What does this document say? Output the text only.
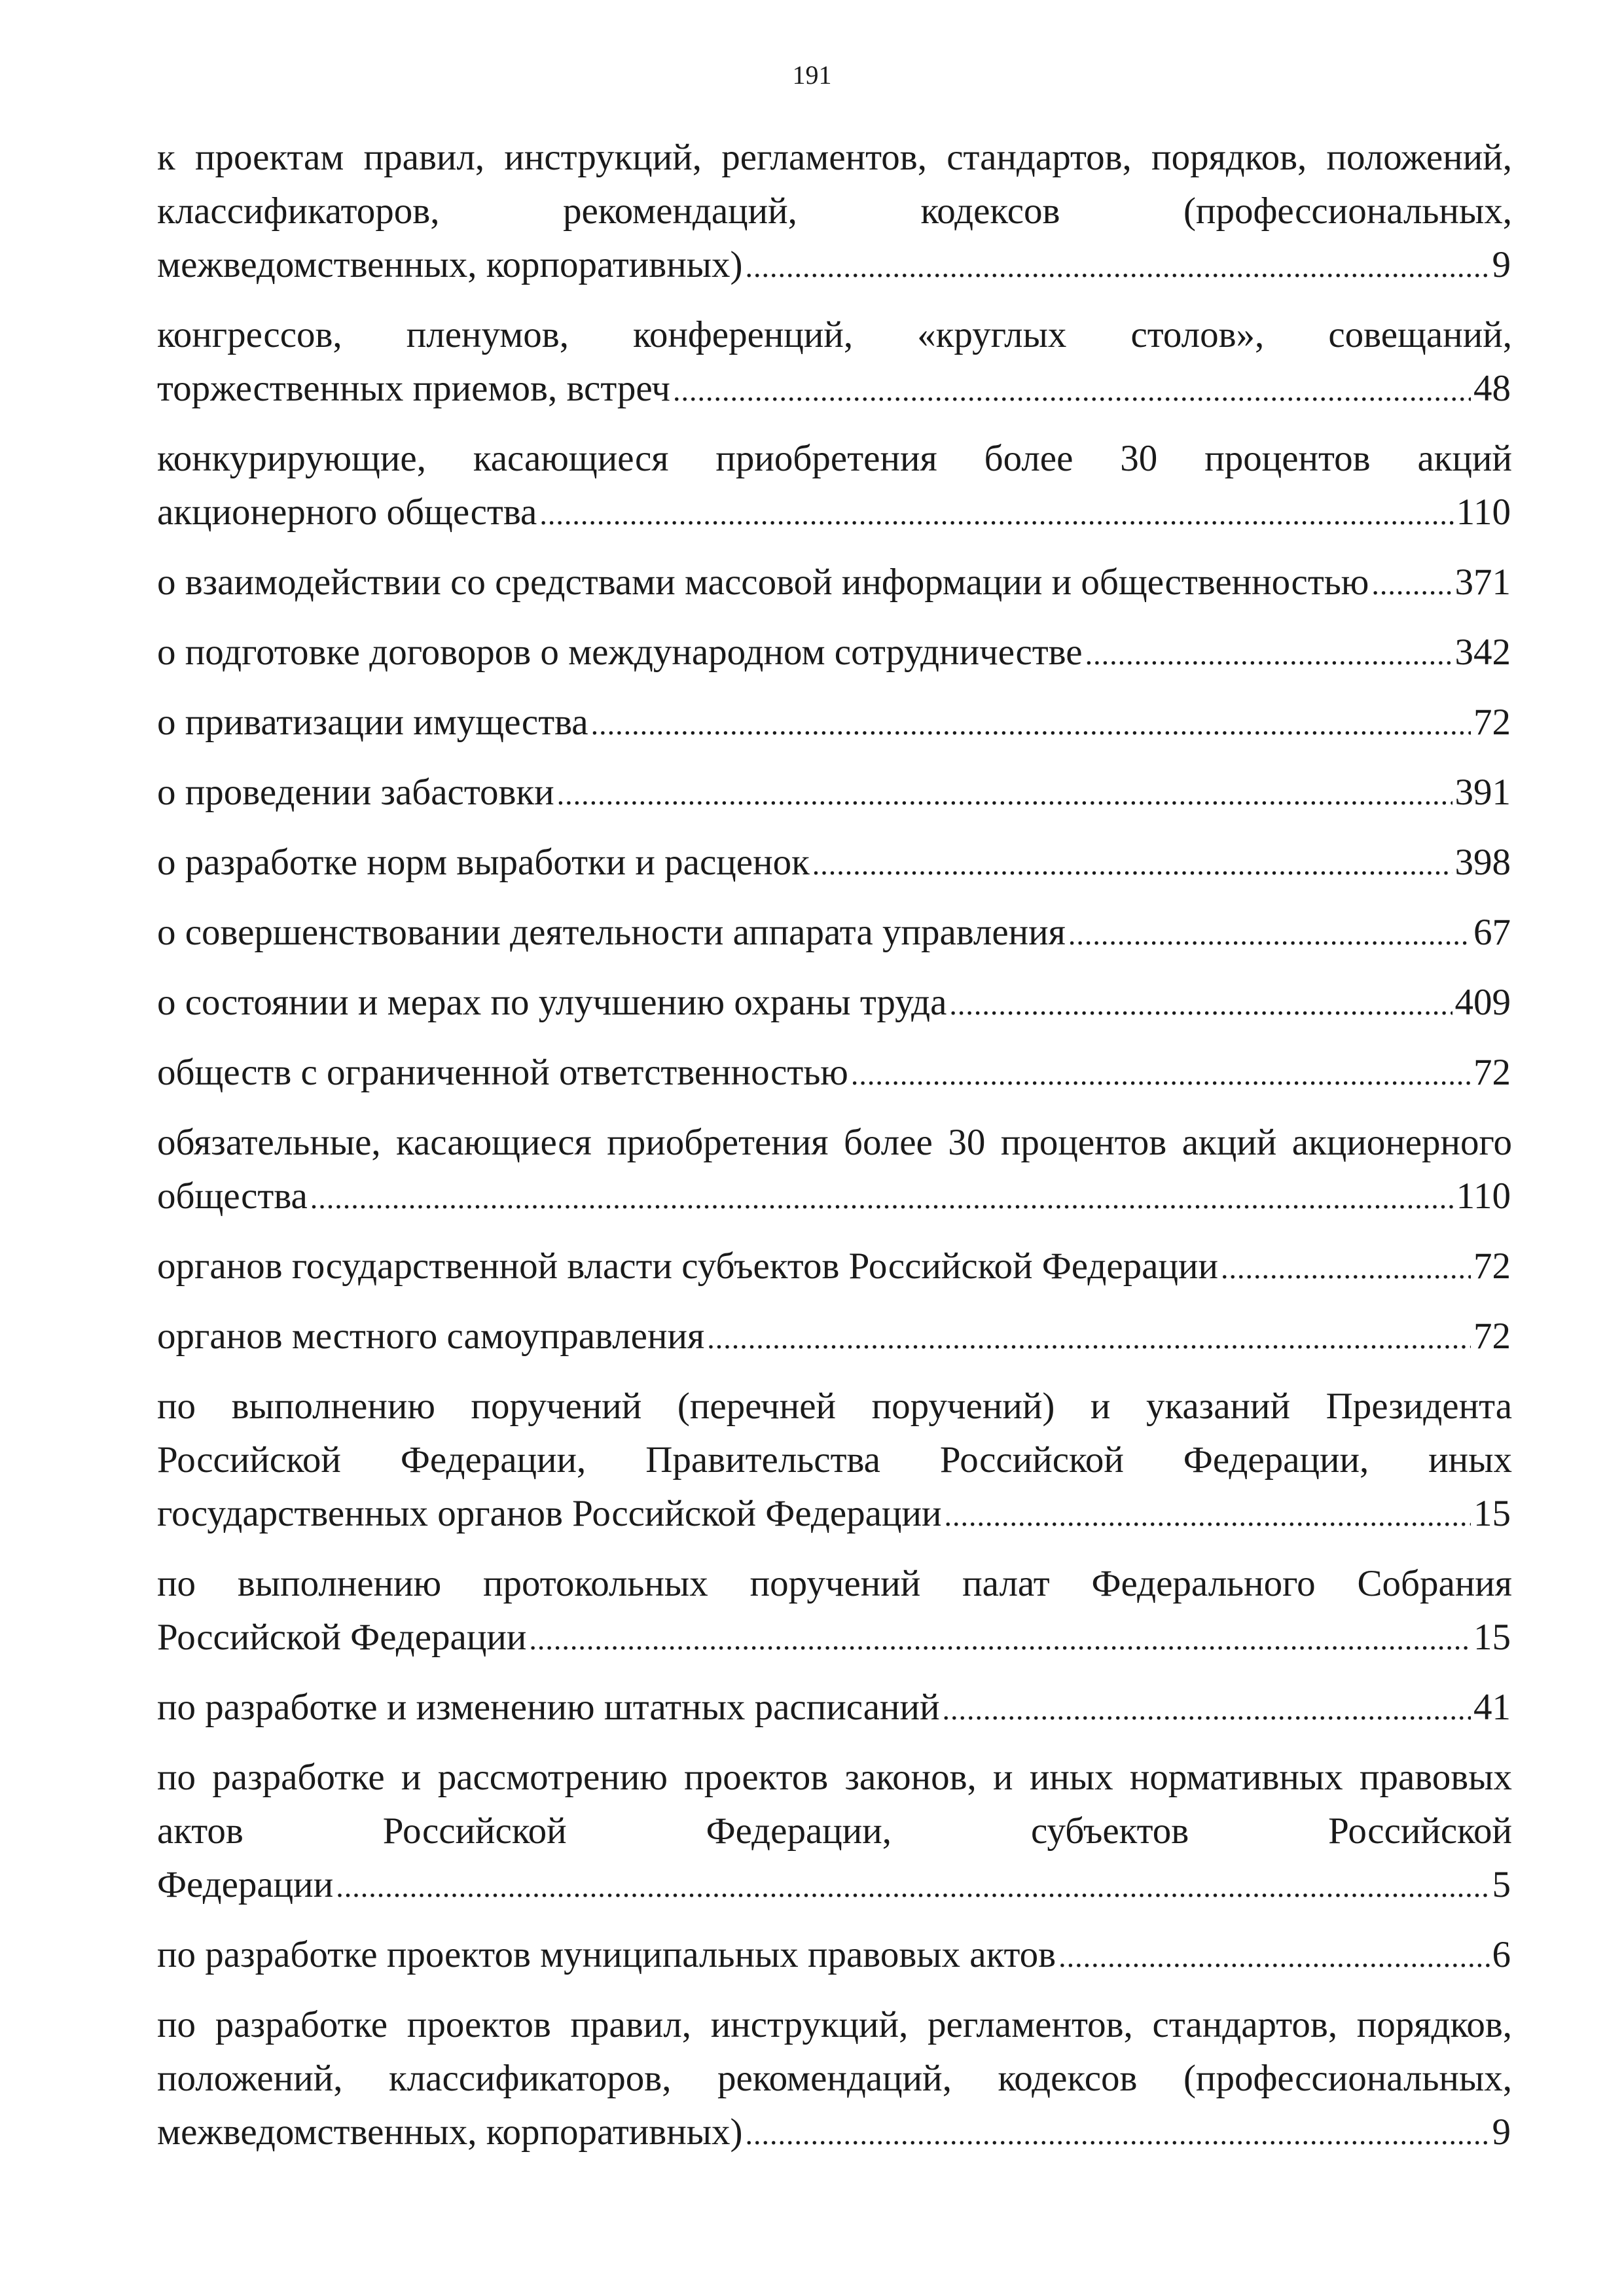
191
к проектам правил, инструкций, регламентов, стандартов, порядков, положений,
классификаторов, рекомендаций, кодексов (профессиональных,
межведомственных, корпоративных) .....	9
конгрессов, пленумов, конференций, «круглых столов», совещаний,
торжественных приемов, встреч .....	48
конкурирующие, касающиеся приобретения более 30 процентов акций
акционерного общества .....	110
о взаимодействии со средствами массовой информации и общественностью ..... 371
о подготовке договоров о международном сотрудничестве .....	342
о приватизации имущества .....	72
о проведении забастовки .....	391
о разработке норм выработки и расценок .....	398
о совершенствовании деятельности аппарата управления .....	67
о состоянии и мерах по улучшению охраны труда .....	409
обществ с ограниченной ответственностью .....	72
обязательные, касающиеся приобретения более 30 процентов акций акционерного
общества .....	110
органов государственной власти субъектов Российской Федерации .....	72
органов местного самоуправления .....	72
по выполнению поручений (перечней поручений) и указаний Президента
Российской Федерации, Правительства Российской Федерации, иных
государственных органов Российской Федерации .....	15
по выполнению протокольных поручений палат Федерального Собрания
Российской Федерации .....	15
по разработке и изменению штатных расписаний .....	41
по разработке и рассмотрению проектов законов, и иных нормативных правовых
актов Российской Федерации, субъектов Российской
Федерации .....	5
по разработке проектов муниципальных правовых актов .....	6
по разработке проектов правил, инструкций, регламентов, стандартов, порядков,
положений, классификаторов, рекомендаций, кодексов (профессиональных,
межведомственных, корпоративных) .....	9
